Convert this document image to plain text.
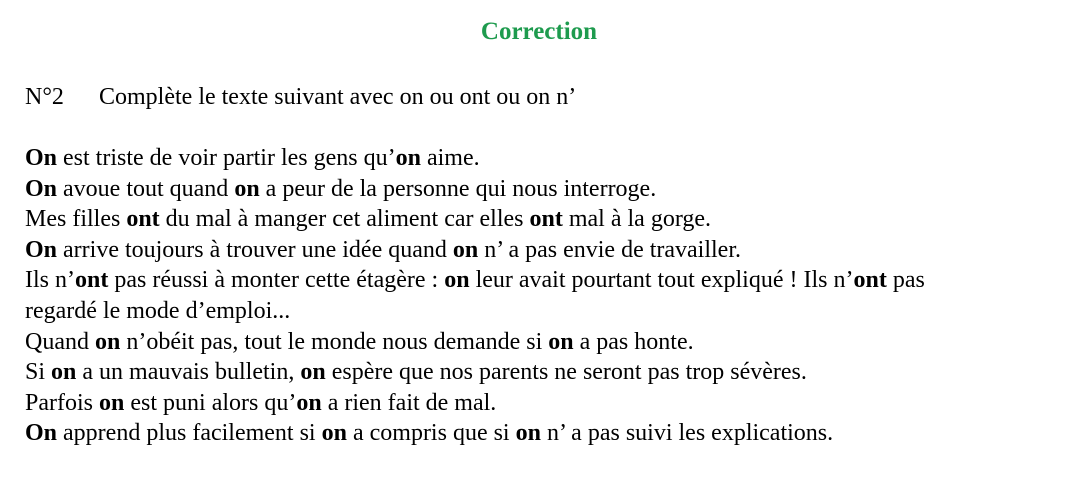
Correction
N°2 Complète le texte suivant avec on ou ont ou on n’
On est triste de voir partir les gens qu’on aime.
On avoue tout quand on a peur de la personne qui nous interroge.
Mes filles ont du mal à manger cet aliment car elles ont mal à la gorge.
On arrive toujours à trouver une idée quand on n’ a pas envie de travailler.
Ils n’ont pas réussi à monter cette étagère : on leur avait pourtant tout expliqué ! Ils n’ont pas
regardé le mode d’emploi...
Quand on n’obéit pas, tout le monde nous demande si on a pas honte.
Si on a un mauvais bulletin, on espère que nos parents ne seront pas trop sévères.
Parfois on est puni alors qu’on a rien fait de mal.
On apprend plus facilement si on a compris que si on n’ a pas suivi les explications.
